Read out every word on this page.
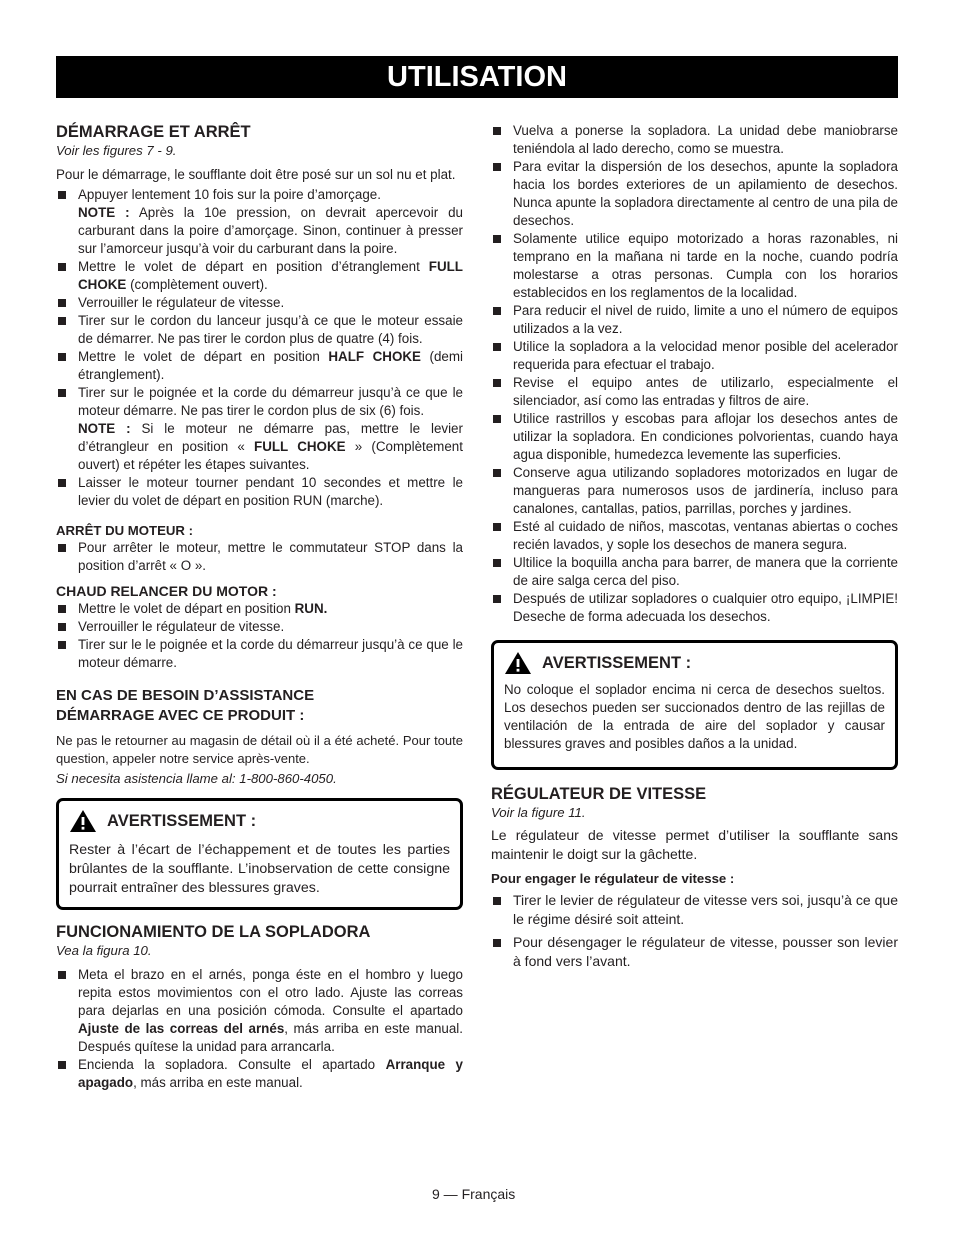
UTILISATION
DÉMARRAGE ET ARRÊT
Voir les figures 7 - 9.

Pour le démarrage, le soufflante doit être posé sur un sol nu et plat.

Appuyer lentement 10 fois sur la poire d’amorçage.
NOTE : Après la 10e pression, on devrait apercevoir du carburant dans la poire d’amorçage. Sinon, continuer à presser sur l’amorceur jusqu’à voir du carburant dans la poire.
Mettre le volet de départ en position d’étranglement FULL CHOKE (complètement ouvert).
Verrouiller le régulateur de vitesse.
Tirer sur le cordon du lanceur jusqu’à ce que le moteur essaie de démarrer. Ne pas tirer le cordon plus de quatre (4) fois.
Mettre le volet de départ en position HALF CHOKE (demi étranglement).
Tirer sur le poignée et la corde du démarreur jusqu’à ce que le moteur démarre. Ne pas tirer le cordon plus de six (6) fois.
NOTE : Si le moteur ne démarre pas, mettre le levier d’étrangleur en position « FULL CHOKE » (Complètement ouvert) et répéter les étapes suivantes.
Laisser le moteur tourner pendant 10 secondes et mettre le levier du volet de départ en position RUN (marche).
ARRÊT DU MOTEUR :
Pour arrêter le moteur, mettre le commutateur STOP dans la position d’arrêt « O ».
CHAUD RELANCER DU MOTOR :
Mettre le volet de départ en position RUN.
Verrouiller le régulateur de vitesse.
Tirer sur le le poignée et la corde du démarreur jusqu’à ce que le moteur démarre.
EN CAS DE BESOIN D’ASSISTANCE
DÉMARRAGE AVEC CE PRODUIT :

Ne pas le retourner au magasin de détail où il a été acheté. Pour toute question, appeler notre service après-vente.

Si necesita asistencia llame al: 1-800-860-4050.
AVERTISSEMENT :

Rester à l’écart de l’échappement et de toutes les parties brûlantes de la soufflante. L’inobservation de cette consigne pourrait entraîner des blessures graves.

FUNCIONAMIENTO DE LA SOPLADORA
Vea la figura 10.
Meta el brazo en el arnés, ponga éste en el hombro y luego repita estos movimientos con el otro lado. Ajuste las correas para dejarlas en una posición cómoda. Consulte el apartado Ajuste de las correas del arnés, más arriba en este manual. Después quítese la unidad para arrancarla.
Encienda la sopladora. Consulte el apartado Arranque y apagado, más arriba en este manual.
Vuelva a ponerse la sopladora. La unidad debe maniobrarse teniéndola al lado derecho, como se muestra.
Para evitar la dispersión de los desechos, apunte la sopladora hacia los bordes exteriores de un apilamiento de desechos. Nunca apunte la sopladora directamente al centro de una pila de desechos.
Solamente utilice equipo motorizado a horas razonables, ni temprano en la mañana ni tarde en la noche, cuando podría molestarse a otras personas. Cumpla con los horarios establecidos en los reglamentos de la localidad.
Para reducir el nivel de ruido, limite a uno el número de equipos utilizados a la vez.
Utilice la sopladora a la velocidad menor posible del acelerador requerida para efectuar el trabajo.
Revise el equipo antes de utilizarlo, especialmente el silenciador, así como las entradas y filtros de aire.
Utilice rastrillos y escobas para aflojar los desechos antes de utilizar la sopladora. En condiciones polvorientas, cuando haya agua disponible, humedezca levemente las superficies.
Conserve agua utilizando sopladores motorizados en lugar de mangueras para numerosos usos de jardinería, incluso para canalones, cantallas, patios, parrillas, porches y jardines.
Esté al cuidado de niños, mascotas, ventanas abiertas o coches recién lavados, y sople los desechos de manera segura.
Ultilice la boquilla ancha para barrer, de manera que la corriente de aire salga cerca del piso.
Después de utilizar sopladores o cualquier otro equipo, ¡LIMPIE! Deseche de forma adecuada los desechos.
AVERTISSEMENT :

No coloque el soplador encima ni cerca de desechos sueltos. Los desechos pueden ser succionados dentro de las rejillas de ventilación de la entrada de aire del soplador y causar blessures graves and posibles daños a la unidad.

RÉGULATEUR DE VITESSE
Voir la figure 11.

Le régulateur de vitesse permet d’utiliser la soufflante sans maintenir le doigt sur la gâchette.

Pour engager le régulateur de vitesse :
Tirer le levier de régulateur de vitesse vers soi, jusqu’à ce que le régime désiré soit atteint.
Pour désengager le régulateur de vitesse, pousser son levier à fond vers l’avant.
9 — Français
